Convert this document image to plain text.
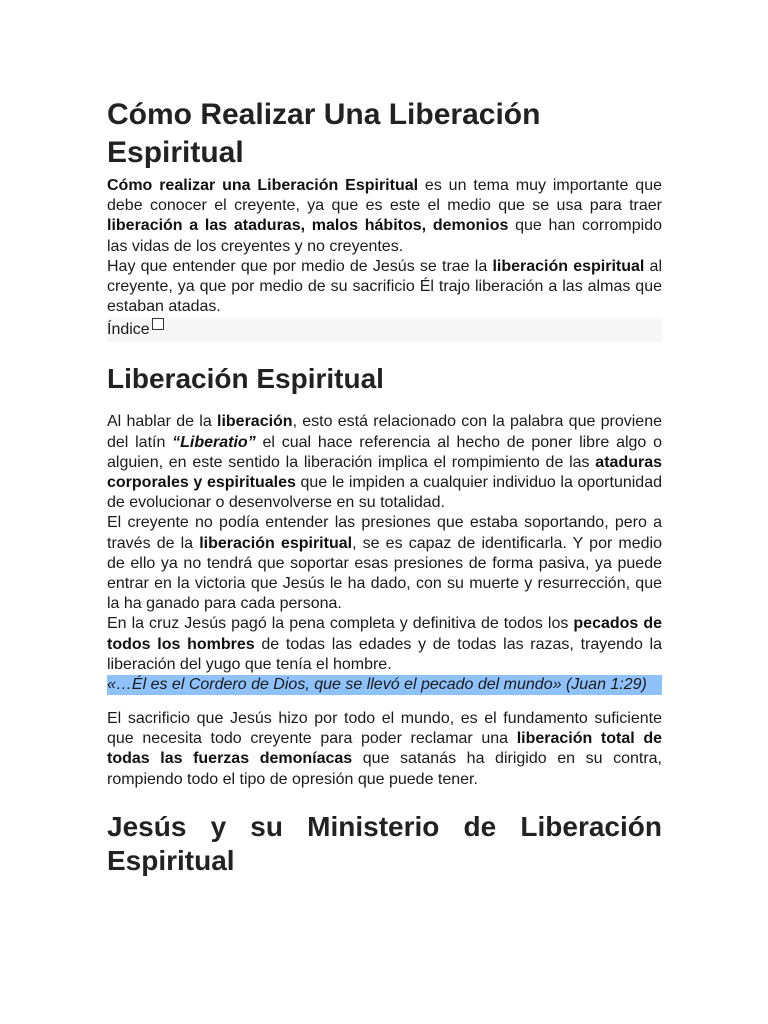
Cómo Realizar Una Liberación Espiritual

Cómo realizar una Liberación Espiritual es un tema muy importante que debe conocer el creyente, ya que es este el medio que se usa para traer liberación a las ataduras, malos hábitos, demonios que han corrompido las vidas de los creyentes y no creyentes.

Hay que entender que por medio de Jesús se trae la liberación espiritual al creyente, ya que por medio de su sacrificio Él trajo liberación a las almas que estaban atadas.

Índice
Liberación Espiritual

Al hablar de la liberación, esto está relacionado con la palabra que proviene del latín “Liberatio” el cual hace referencia al hecho de poner libre algo o alguien, en este sentido la liberación implica el rompimiento de las ataduras corporales y espirituales que le impiden a cualquier individuo la oportunidad de evolucionar o desenvolverse en su totalidad.

El creyente no podía entender las presiones que estaba soportando, pero a través de la liberación espiritual, se es capaz de identificarla. Y por medio de ello ya no tendrá que soportar esas presiones de forma pasiva, ya puede entrar en la victoria que Jesús le ha dado, con su muerte y resurrección, que la ha ganado para cada persona.

En la cruz Jesús pagó la pena completa y definitiva de todos los pecados de todos los hombres de todas las edades y de todas las razas, trayendo la liberación del yugo que tenía el hombre.

«…Él es el Cordero de Dios, que se llevó el pecado del mundo» (Juan 1:29)

El sacrificio que Jesús hizo por todo el mundo, es el fundamento suficiente que necesita todo creyente para poder reclamar una liberación total de todas las fuerzas demoníacas que satanás ha dirigido en su contra, rompiendo todo el tipo de opresión que puede tener.

Jesús y su Ministerio de Liberación Espiritual
